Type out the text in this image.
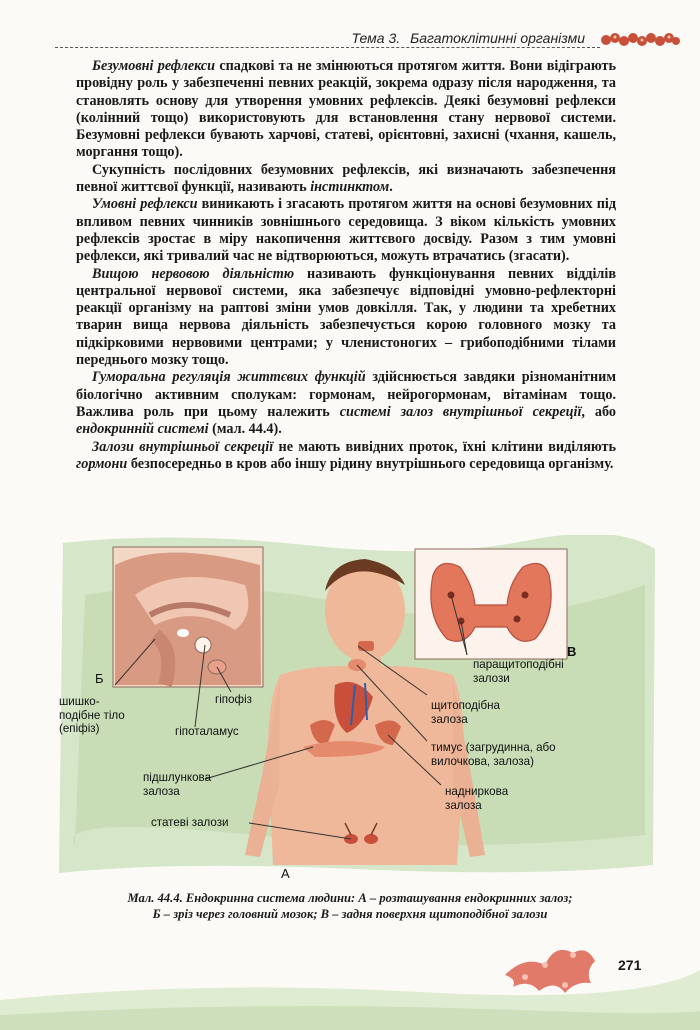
Тема 3. Багатоклітинні організми

Безумовні рефлекси спадкові та не змінюються протягом життя. Вони відіграють провідну роль у забезпеченні певних реакцій, зокрема одразу після народження, та становлять основу для утворення умовних рефлексів. Деякі безумовні рефлекси (колінний тощо) використовують для встановлення стану нервової системи. Безумовні рефлекси бувають харчові, статеві, орієнтовні, захисні (чхання, кашель, моргання тощо).

Сукупність послідовних безумовних рефлексів, які визначають забезпечення певної життєвої функції, називають інстинктом.

Умовні рефлекси виникають і згасають протягом життя на основі безумовних під впливом певних чинників зовнішнього середовища. З віком кількість умовних рефлексів зростає в міру накопичення життєвого досвіду. Разом з тим умовні рефлекси, які тривалий час не відтворюються, можуть втрачатись (згасати).

Вищою нервовою діяльністю називають функціонування певних відділів центральної нервової системи, яка забезпечує відповідні умовно-рефлекторні реакції організму на раптові зміни умов довкілля. Так, у людини та хребетних тварин вища нервова діяльність забезпечується корою головного мозку та підкірковими нервовими центрами; у членистоногих – грибоподібними тілами переднього мозку тощо.

Гуморальна регуляція життєвих функцій здійснюється завдяки різноманітним біологічно активним сполукам: гормонам, нейрогормонам, вітамінам тощо. Важлива роль при цьому належить системі залоз внутрішньої секреції, або ендокринній системі (мал. 44.4).

Залози внутрішньої секреції не мають вивідних проток, їхні клітини виділяють гормони безпосередньо в кров або іншу рідину внутрішнього середовища організму.

Б
В
А
шишко-
подібне тіло
(епіфіз)
гіпофіз
гіпоталамус
паращитоподібні
залози
щитоподібна
залоза
тимус (загрудинна, або
вилочкова, залоза)
підшлункова
залоза	наднирковa
залоза
статеві залози
Мал. 44.4. Ендокринна система людини: А – розташування ендокринних залоз;
Б – зріз через головний мозок; В – задня поверхня щитоподібної залози
271
